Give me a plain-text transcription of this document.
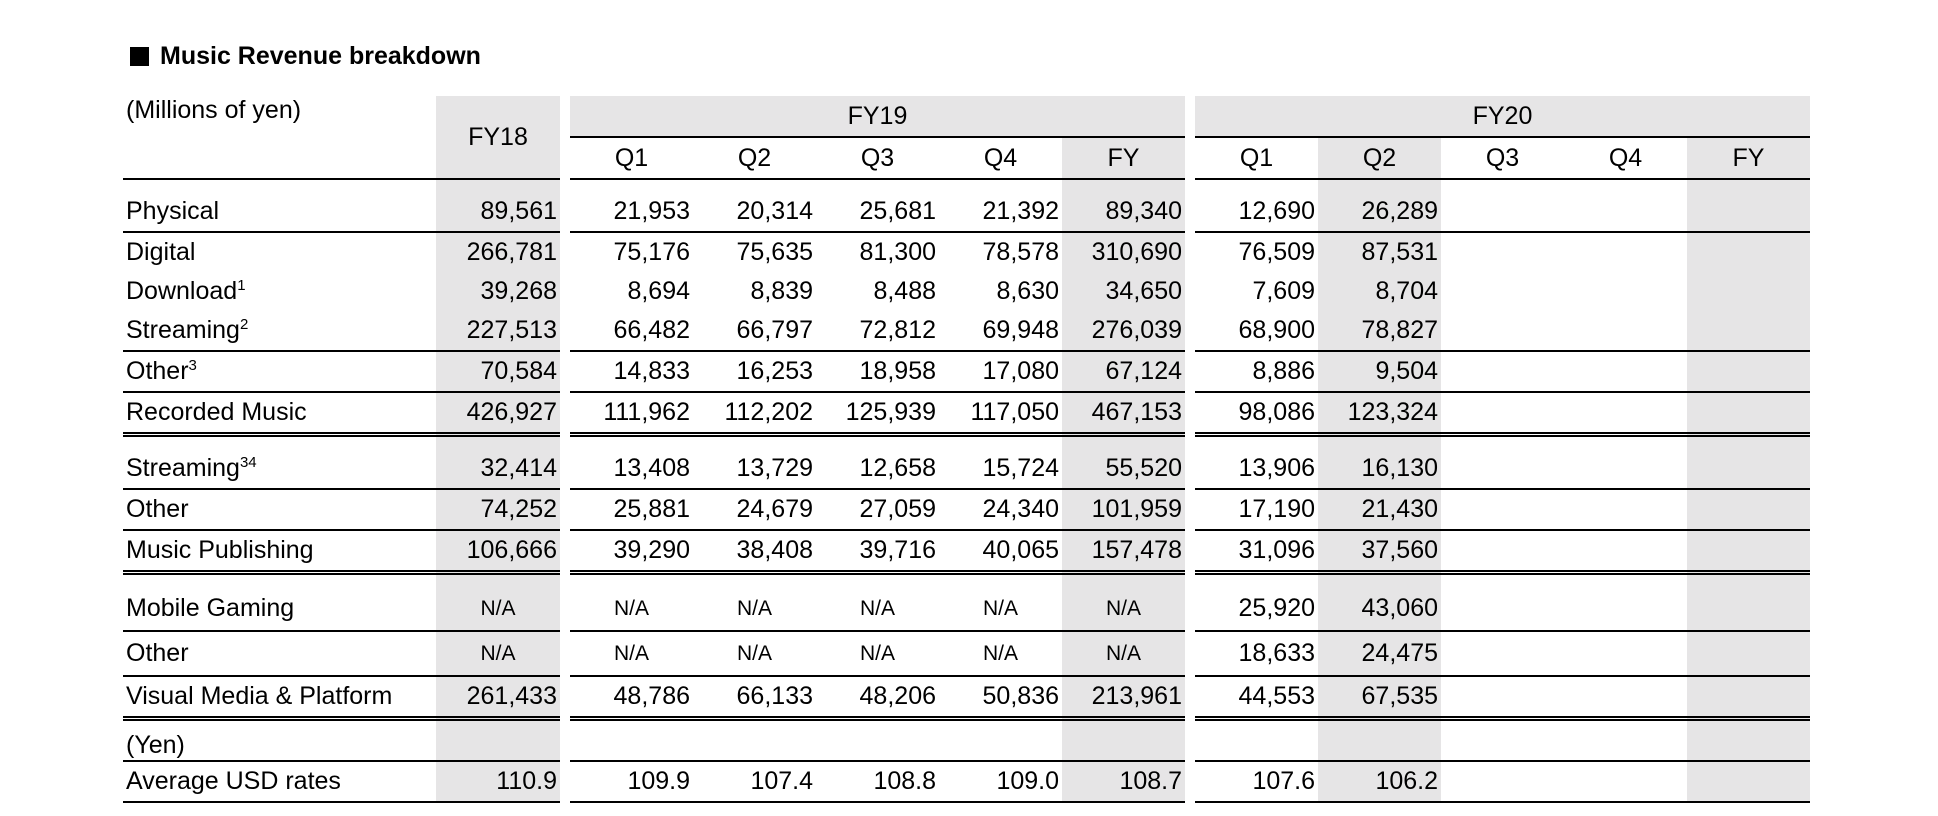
Music Revenue breakdown
(Millions of yen)	FY18		FY19						FY20				
			Q1	Q2	Q3	Q4	FY		Q1	Q2	Q3	Q4	FY

Physical	89,561		21,953	20,314	25,681	21,392	89,340		12,690	26,289			
Digital	266,781		75,176	75,635	81,300	78,578	310,690		76,509	87,531			
Download$^1$	39,268		8,694	8,839	8,488	8,630	34,650		7,609	8,704			
Streaming$^2$	227,513		66,482	66,797	72,812	69,948	276,039		68,900	78,827			
Other$^3$	70,584		14,833	16,253	18,958	17,080	67,124		8,886	9,504			
Recorded Music	426,927		111,962	112,202	125,939	117,050	467,153		98,086	123,324			

Streaming$^{34}$	32,414		13,408	13,729	12,658	15,724	55,520		13,906	16,130			
Other	74,252		25,881	24,679	27,059	24,340	101,959		17,190	21,430			
Music Publishing	106,666		39,290	38,408	39,716	40,065	157,478		31,096	37,560			

Mobile Gaming	N/A		N/A	N/A	N/A	N/A	N/A		25,920	43,060			
Other	N/A		N/A	N/A	N/A	N/A	N/A		18,633	24,475			
Visual Media & Platform	261,433		48,786	66,133	48,206	50,836	213,961		44,553	67,535			
(Yen)													
Average USD rates	110.9		109.9	107.4	108.8	109.0	108.7		107.6	106.2			
